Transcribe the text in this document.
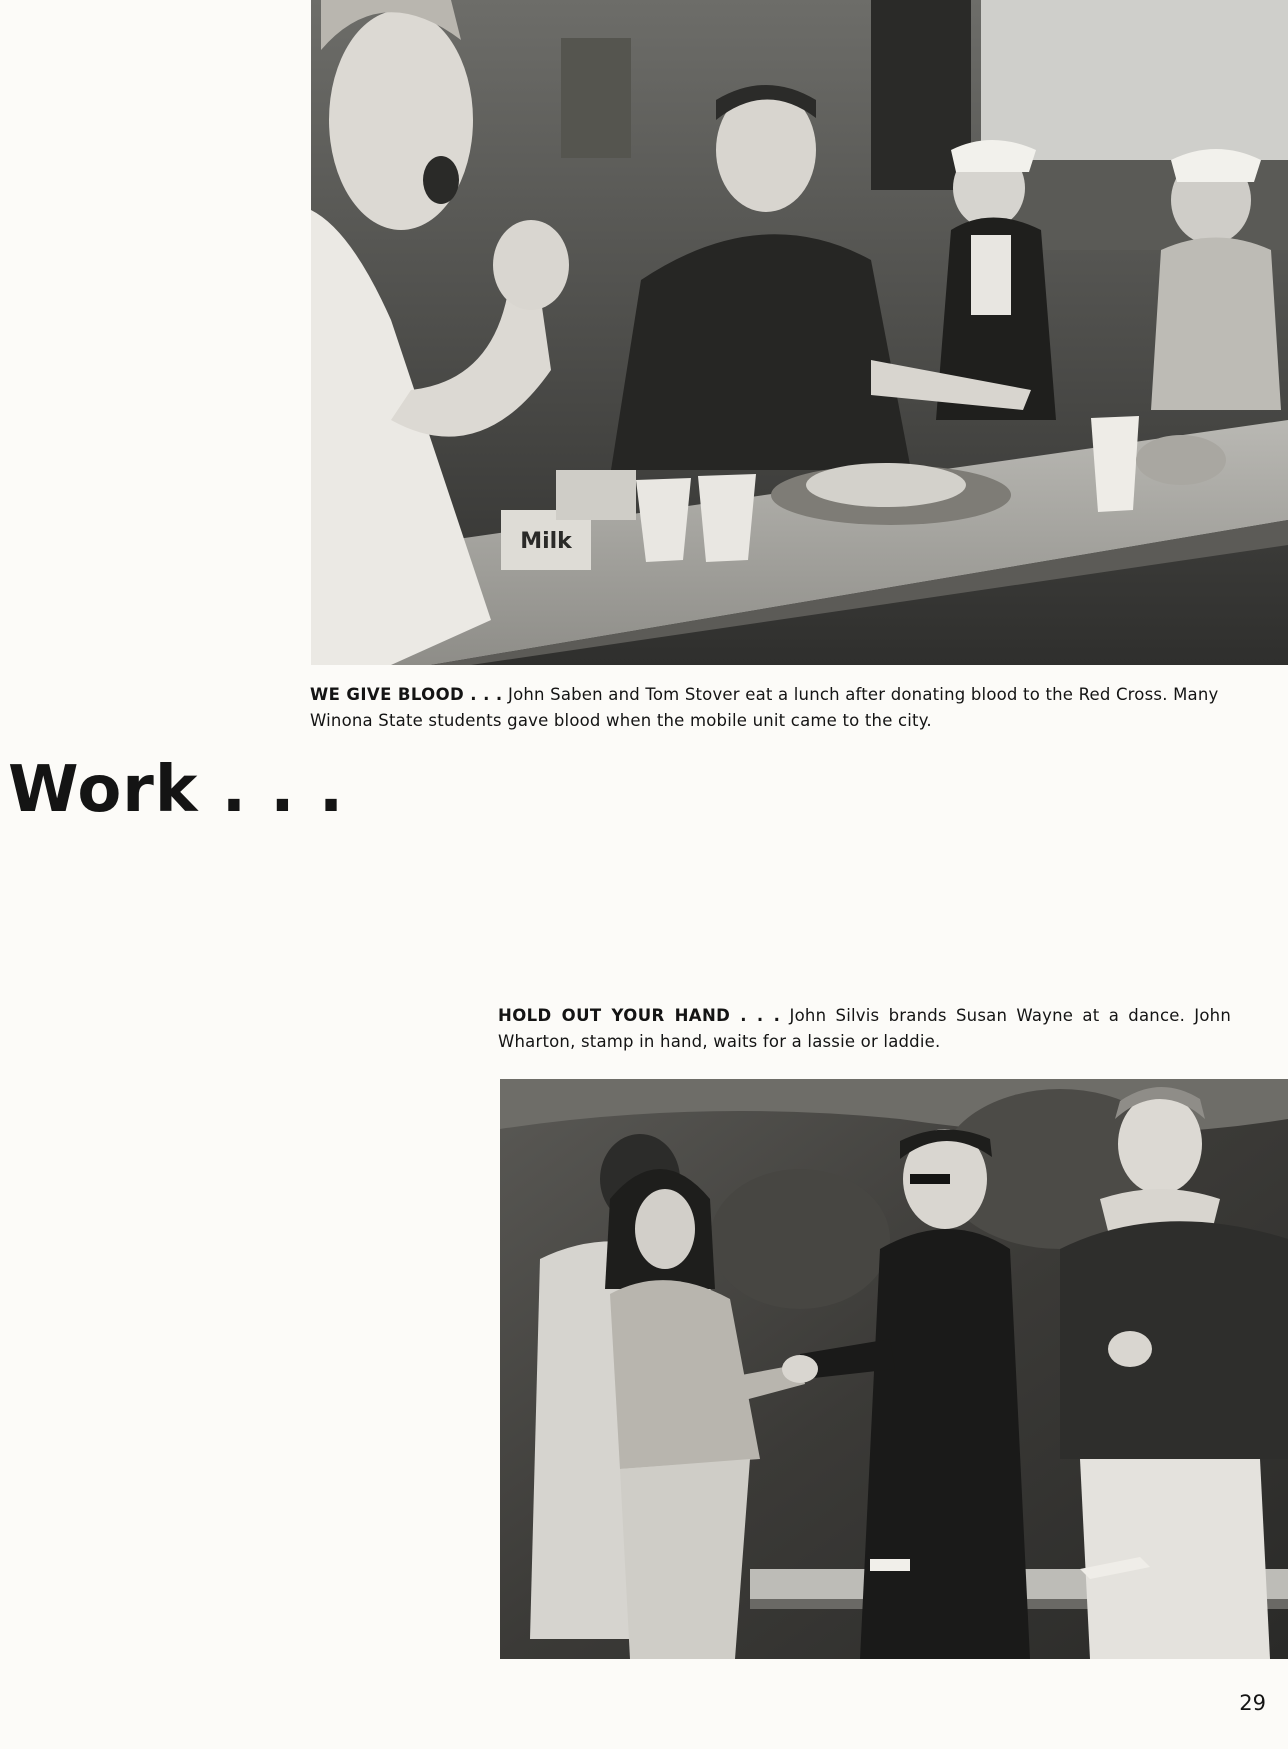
Milk

WE GIVE BLOOD . . . John Saben and Tom Stover eat a lunch after donating blood to the Red Cross. Many Winona State students gave blood when the mobile unit came to the city.

Work . . .

HOLD OUT YOUR HAND . . . John Silvis brands Susan Wayne at a dance. John Wharton, stamp in hand, waits for a lassie or laddie.

29
